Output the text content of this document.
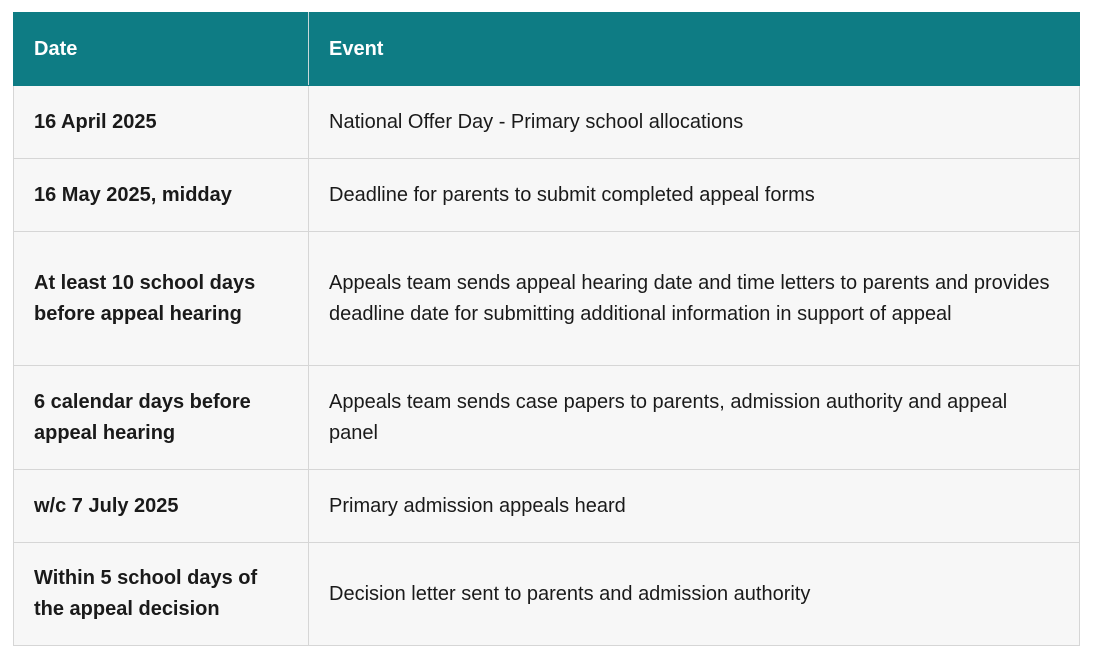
Date	Event
16 April 2025	National Offer Day - Primary school allocations
16 May 2025, midday	Deadline for parents to submit completed appeal forms
At least 10 school days before appeal hearing	Appeals team sends appeal hearing date and time letters to parents and provides deadline date for submitting additional information in support of appeal
6 calendar days before appeal hearing	Appeals team sends case papers to parents, admission authority and appeal panel
w/c 7 July 2025	Primary admission appeals heard
Within 5 school days of the appeal decision	Decision letter sent to parents and admission authority
